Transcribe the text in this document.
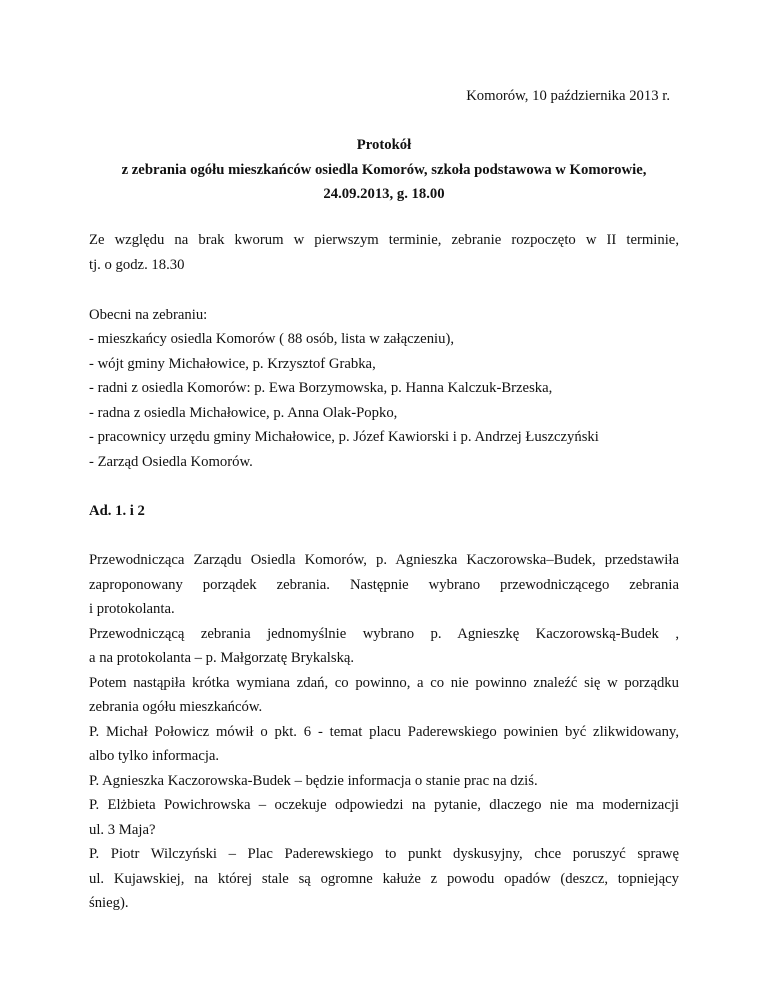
Komorów, 10 października 2013 r.
Protokół
z zebrania ogółu mieszkańców osiedla Komorów, szkoła podstawowa w Komorowie,
24.09.2013, g. 18.00
Ze względu na brak kworum w pierwszym terminie, zebranie rozpoczęto w II terminie,
tj. o godz. 18.30
Obecni na zebraniu:
- mieszkańcy osiedla Komorów ( 88 osób, lista w załączeniu),
- wójt gminy Michałowice, p. Krzysztof Grabka,
- radni z osiedla Komorów: p. Ewa Borzymowska, p. Hanna Kalczuk-Brzeska,
- radna z osiedla Michałowice, p. Anna Olak-Popko,
- pracownicy urzędu gminy Michałowice, p. Józef Kawiorski i p. Andrzej Łuszczyński
- Zarząd Osiedla Komorów.
Ad. 1. i 2
Przewodnicząca Zarządu Osiedla Komorów, p. Agnieszka Kaczorowska–Budek, przedstawiła
zaproponowany porządek zebrania. Następnie wybrano przewodniczącego zebrania
i protokolanta.
Przewodniczącą zebrania jednomyślnie wybrano p. Agnieszkę Kaczorowską-Budek ,
a na protokolanta – p. Małgorzatę Brykalską.
Potem nastąpiła krótka wymiana zdań, co powinno, a co nie powinno znaleźć się w porządku
zebrania ogółu mieszkańców.
P. Michał Połowicz mówił o pkt. 6 - temat placu Paderewskiego powinien być zlikwidowany,
albo tylko informacja.
P. Agnieszka Kaczorowska-Budek – będzie informacja o stanie prac na dziś.
P. Elżbieta Powichrowska – oczekuje odpowiedzi na pytanie, dlaczego nie ma modernizacji
ul. 3 Maja?
P. Piotr Wilczyński – Plac Paderewskiego to punkt dyskusyjny, chce poruszyć sprawę
ul. Kujawskiej, na której stale są ogromne kałuże z powodu opadów (deszcz, topniejący
śnieg).
